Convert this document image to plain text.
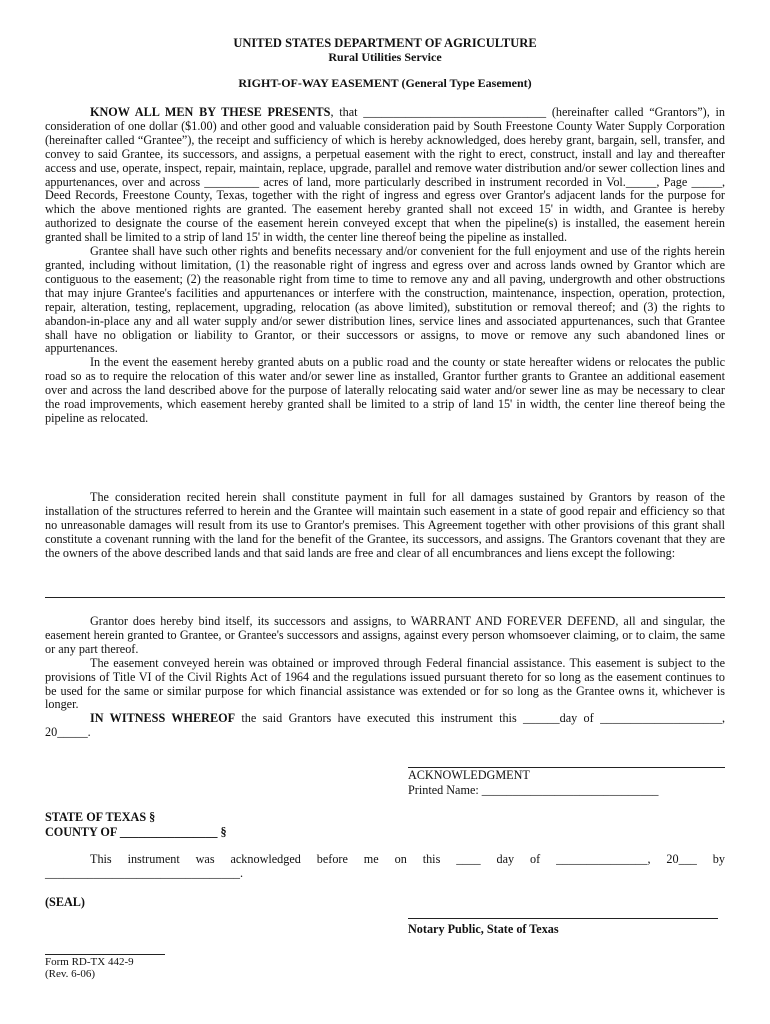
UNITED STATES DEPARTMENT OF AGRICULTURE
Rural Utilities Service
RIGHT-OF-WAY EASEMENT (General Type Easement)

KNOW ALL MEN BY THESE PRESENTS, that ______________________________ (hereinafter called “Grantors”), in consideration of one dollar ($1.00) and other good and valuable consideration paid by South Freestone County Water Supply Corporation (hereinafter called “Grantee”), the receipt and sufficiency of which is hereby acknowledged, does hereby grant, bargain, sell, transfer, and convey to said Grantee, its successors, and assigns, a perpetual easement with the right to erect, construct, install and lay and thereafter access and use, operate, inspect, repair, maintain, replace, upgrade, parallel and remove water distribution and/or sewer collection lines and appurtenances, over and across _________ acres of land, more particularly described in instrument recorded in Vol._____, Page _____, Deed Records, Freestone County, Texas, together with the right of ingress and egress over Grantor's adjacent lands for the purpose for which the above mentioned rights are granted. The easement hereby granted shall not exceed 15' in width, and Grantee is hereby authorized to designate the course of the easement herein conveyed except that when the pipeline(s) is installed, the easement herein granted shall be limited to a strip of land 15' in width, the center line thereof being the pipeline as installed.

Grantee shall have such other rights and benefits necessary and/or convenient for the full enjoyment and use of the rights herein granted, including without limitation, (1) the reasonable right of ingress and egress over and across lands owned by Grantor which are contiguous to the easement; (2) the reasonable right from time to time to remove any and all paving, undergrowth and other obstructions that may injure Grantee's facilities and appurtenances or interfere with the construction, maintenance, inspection, operation, protection, repair, alteration, testing, replacement, upgrading, relocation (as above limited), substitution or removal thereof; and (3) the rights to abandon-in-place any and all water supply and/or sewer distribution lines, service lines and associated appurtenances, such that Grantee shall have no obligation or liability to Grantor, or their successors or assigns, to move or remove any such abandoned lines or appurtenances.

In the event the easement hereby granted abuts on a public road and the county or state hereafter widens or relocates the public road so as to require the relocation of this water and/or sewer line as installed, Grantor further grants to Grantee an additional easement over and across the land described above for the purpose of laterally relocating said water and/or sewer line as may be necessary to clear the road improvements, which easement hereby granted shall be limited to a strip of land 15' in width, the center line thereof being the pipeline as relocated.

The consideration recited herein shall constitute payment in full for all damages sustained by Grantors by reason of the installation of the structures referred to herein and the Grantee will maintain such easement in a state of good repair and efficiency so that no unreasonable damages will result from its use to Grantor's premises. This Agreement together with other provisions of this grant shall constitute a covenant running with the land for the benefit of the Grantee, its successors, and assigns. The Grantors covenant that they are the owners of the above described lands and that said lands are free and clear of all encumbrances and liens except the following:

Grantor does hereby bind itself, its successors and assigns, to WARRANT AND FOREVER DEFEND, all and singular, the easement herein granted to Grantee, or Grantee's successors and assigns, against every person whomsoever claiming, or to claim, the same or any part thereof.

The easement conveyed herein was obtained or improved through Federal financial assistance. This easement is subject to the provisions of Title VI of the Civil Rights Act of 1964 and the regulations issued pursuant thereto for so long as the easement continues to be used for the same or similar purpose for which financial assistance was extended or for so long as the Grantee owns it, whichever is longer.

IN WITNESS WHEREOF the said Grantors have executed this instrument this ______day of ____________________, 20_____.

ACKNOWLEDGMENT
Printed Name: _____________________________
STATE OF TEXAS §
COUNTY OF ________________ §

This instrument was acknowledged before me on this ____ day of _______________, 20___ by ________________________________.

(SEAL)
Notary Public, State of Texas
Form RD-TX 442-9
(Rev. 6-06)
